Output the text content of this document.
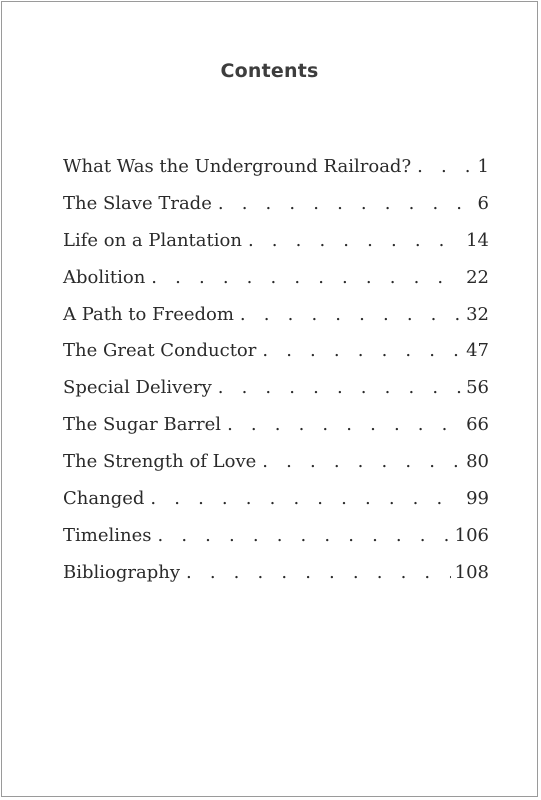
Contents
What Was the Underground Railroad? . . .	1
The Slave Trade . . .	6
Life on a Plantation . . .	14
Abolition . . .	22
A Path to Freedom . . .	32
The Great Conductor . . .	47
Special Delivery . . .	56
The Sugar Barrel . . .	66
The Strength of Love . . .	80
Changed . . .	99
Timelines . . .	106
Bibliography . . .	108
